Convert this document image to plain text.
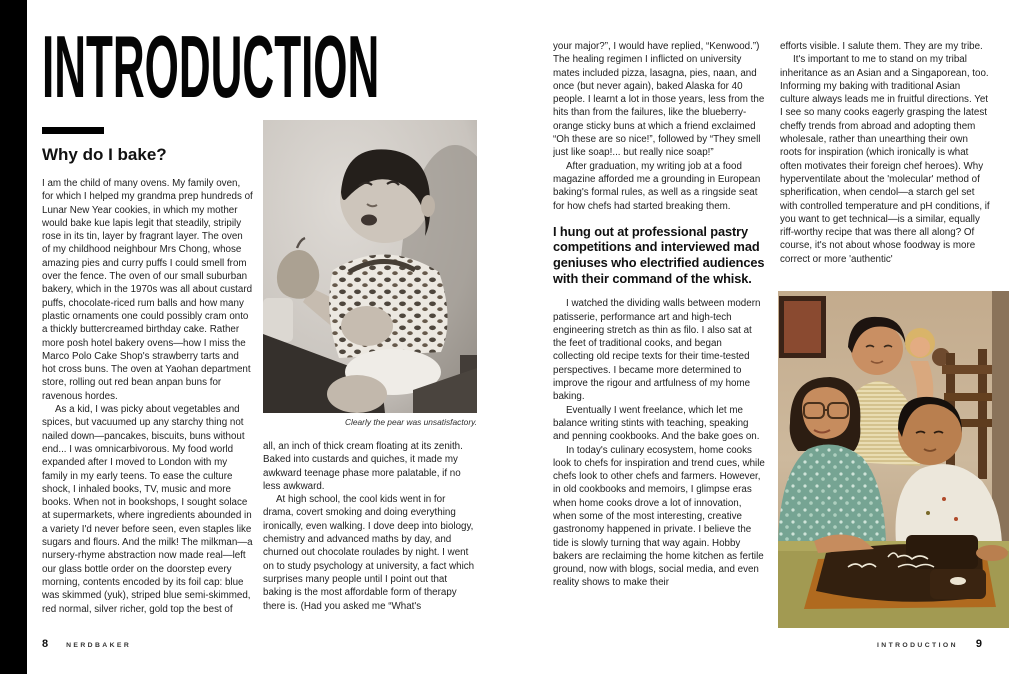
INTRODUCTION
Why do I bake?

I am the child of many ovens. My family oven, for which I helped my grandma prep hundreds of Lunar New Year cookies, in which my mother would bake kue lapis legit that steadily, stripily rose in its tin, layer by fragrant layer. The oven of my childhood neighbour Mrs Chong, whose amazing pies and curry puffs I could smell from over the fence. The oven of our small suburban bakery, which in the 1970s was all about custard puffs, chocolate-riced rum balls and how many plastic ornaments one could possibly cram onto a thickly buttercreamed birthday cake. Rather more posh hotel bakery ovens—how I miss the Marco Polo Cake Shop's strawberry tarts and hot cross buns. The oven at Yaohan department store, rolling out red bean anpan buns for ravenous hordes.

As a kid, I was picky about vegetables and spices, but vacuumed up any starchy thing not nailed down—pancakes, biscuits, buns without end... I was omnicarbivorous. My food world expanded after I moved to London with my family in my early teens. To ease the culture shock, I inhaled books, TV, music and more books. When not in bookshops, I sought solace at supermarkets, where ingredients abounded in a variety I'd never before seen, even staples like sugars and flours. And the milk! The milkman—a nursery-rhyme abstraction now made real—left our glass bottle order on the doorstep every morning, contents encoded by its foil cap: blue was skimmed (yuk), striped blue semi-skimmed, red normal, silver richer, gold top the best of

Clearly the pear was unsatisfactory.

all, an inch of thick cream floating at its zenith. Baked into custards and quiches, it made my awkward teenage phase more palatable, if no less awkward.

At high school, the cool kids went in for drama, covert smoking and doing everything ironically, even walking. I dove deep into biology, chemistry and advanced maths by day, and churned out chocolate roulades by night. I went on to study psychology at university, a fact which surprises many people until I point out that baking is the most affordable form of therapy there is. (Had you asked me “What's

8	NERDBAKER

your major?”, I would have replied, “Kenwood.”) The healing regimen I inflicted on university mates included pizza, lasagna, pies, naan, and once (but never again), baked Alaska for 40 people. I learnt a lot in those years, less from the hits than from the failures, like the blueberry-orange sticky buns at which a friend exclaimed “Oh these are so nice!”, followed by “They smell just like soap!... but really nice soap!”

After graduation, my writing job at a food magazine afforded me a grounding in European baking's formal rules, as well as a ringside seat for how chefs had started breaking them.

I hung out at professional pastry competitions and interviewed mad geniuses who electrified audiences with their command of the whisk.

I watched the dividing walls between modern patisserie, performance art and high-tech engineering stretch as thin as filo. I also sat at the feet of traditional cooks, and began collecting old recipe texts for their time-tested perspectives. I became more determined to improve the rigour and artfulness of my home baking.

Eventually I went freelance, which let me balance writing stints with teaching, speaking and penning cookbooks. And the bake goes on.

In today's culinary ecosystem, home cooks look to chefs for inspiration and trend cues, while chefs look to other chefs and farmers. However, in old cookbooks and memoirs, I glimpse eras when home cooks drove a lot of innovation, when some of the most interesting, creative gastronomy happened in private. I believe the tide is slowly turning that way again. Hobby bakers are reclaiming the home kitchen as fertile ground, now with blogs, social media, and even reality shows to make their

efforts visible. I salute them. They are my tribe.

It's important to me to stand on my tribal inheritance as an Asian and a Singaporean, too. Informing my baking with traditional Asian culture always leads me in fruitful directions. Yet I see so many cooks eagerly grasping the latest cheffy trends from abroad and adopting them wholesale, rather than unearthing their own roots for inspiration (which ironically is what often motivates their foreign chef heroes). Why hyperventilate about the 'molecular' method of spherification, when cendol—a starch gel set with controlled temperature and pH conditions, if you want to get technical—is a similar, equally riff-worthy recipe that was there all along? Of course, it's not about whose foodway is more correct or more 'authentic'

INTRODUCTION 9
